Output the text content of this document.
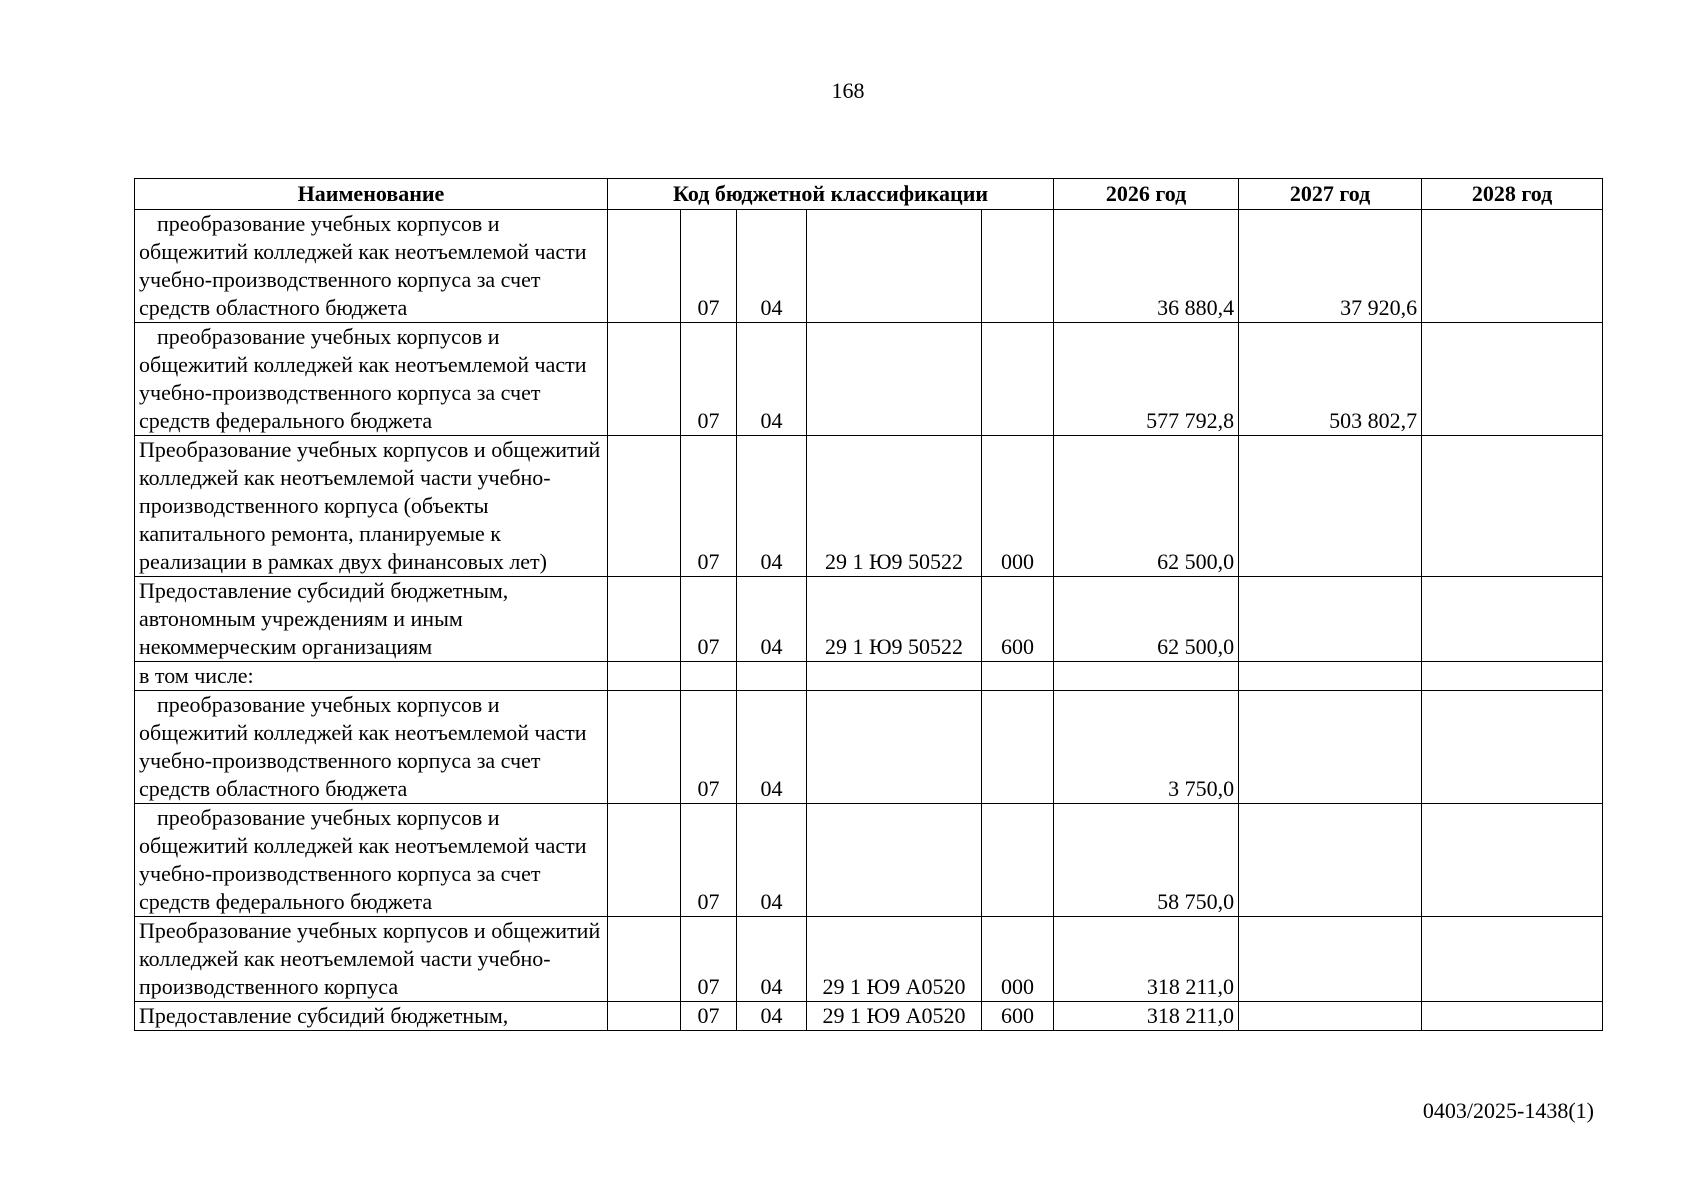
168
Наименование	Код бюджетной классификации					2026 год	2027 год	2028 год
преобразование учебных корпусов и общежитий колледжей как неотъемлемой части учебно-производственного корпуса за счет средств областного бюджета		07	04			36 880,4	37 920,6	
преобразование учебных корпусов и общежитий колледжей как неотъемлемой части учебно-производственного корпуса за счет средств федерального бюджета		07	04			577 792,8	503 802,7	
Преобразование учебных корпусов и общежитий колледжей как неотъемлемой части учебно-производственного корпуса (объекты капитального ремонта, планируемые к реализации в рамках двух финансовых лет)		07	04	29 1 Ю9 50522	000	62 500,0		
Предоставление субсидий бюджетным, автономным учреждениям и иным некоммерческим организациям		07	04	29 1 Ю9 50522	600	62 500,0		
в том числе:								
преобразование учебных корпусов и общежитий колледжей как неотъемлемой части учебно-производственного корпуса за счет средств областного бюджета		07	04			3 750,0		
преобразование учебных корпусов и общежитий колледжей как неотъемлемой части учебно-производственного корпуса за счет средств федерального бюджета		07	04			58 750,0		
Преобразование учебных корпусов и общежитий колледжей как неотъемлемой части учебно-производственного корпуса		07	04	29 1 Ю9 А0520	000	318 211,0		
Предоставление субсидий бюджетным,		07	04	29 1 Ю9 А0520	600	318 211,0		
0403/2025-1438(1)
